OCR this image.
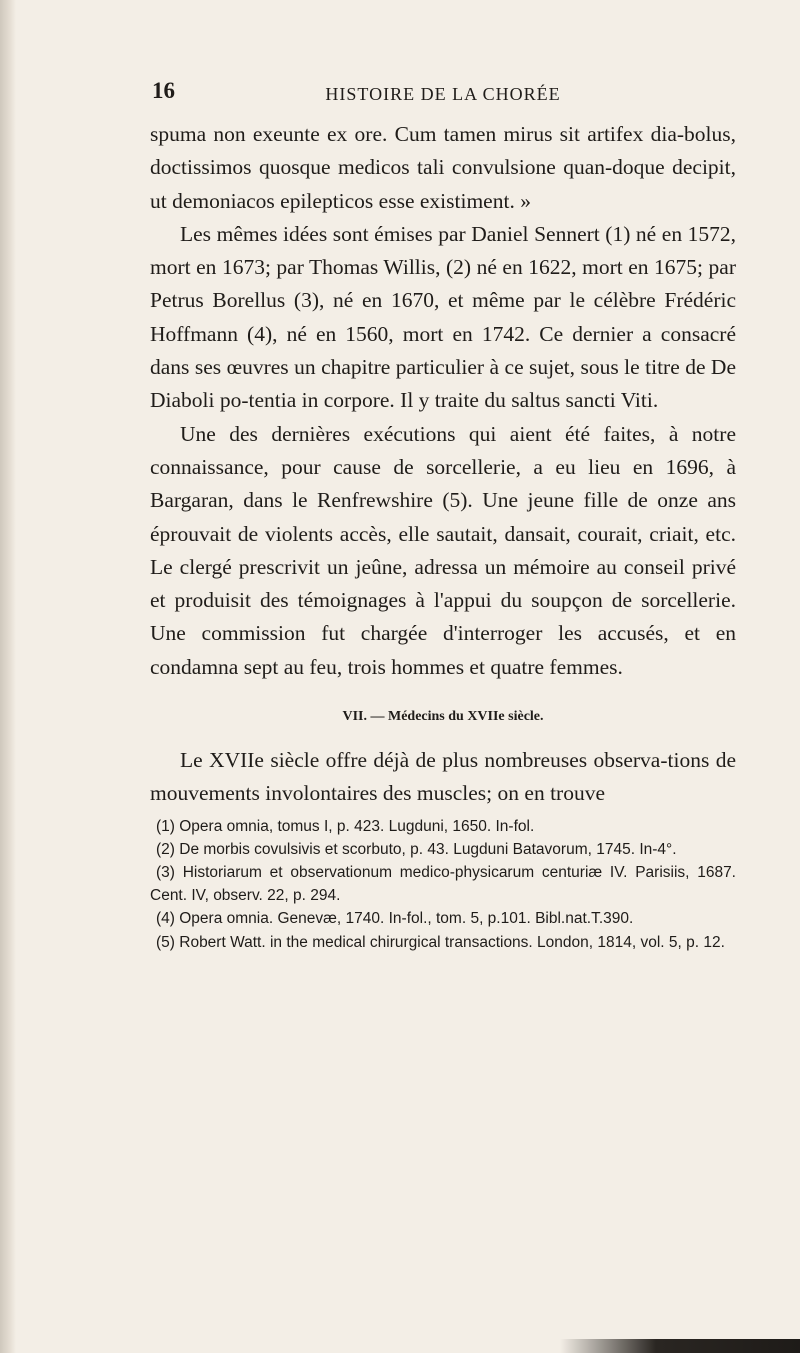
16	HISTOIRE DE LA CHORÉE

spuma non exeunte ex ore. Cum tamen mirus sit artifex dia-bolus, doctissimos quosque medicos tali convulsione quan-doque decipit, ut demoniacos epilepticos esse existiment. »

Les mêmes idées sont émises par Daniel Sennert (1) né en 1572, mort en 1673; par Thomas Willis, (2) né en 1622, mort en 1675; par Petrus Borellus (3), né en 1670, et même par le célèbre Frédéric Hoffmann (4), né en 1560, mort en 1742. Ce dernier a consacré dans ses œuvres un chapitre particulier à ce sujet, sous le titre de De Diaboli po-tentia in corpore. Il y traite du saltus sancti Viti.

Une des dernières exécutions qui aient été faites, à notre connaissance, pour cause de sorcellerie, a eu lieu en 1696, à Bargaran, dans le Renfrewshire (5). Une jeune fille de onze ans éprouvait de violents accès, elle sautait, dansait, courait, criait, etc. Le clergé prescrivit un jeûne, adressa un mémoire au conseil privé et produisit des témoignages à l'appui du soupçon de sorcellerie. Une commission fut chargée d'interroger les accusés, et en condamna sept au feu, trois hommes et quatre femmes.

VII. — Médecins du XVIIe siècle.

Le XVIIe siècle offre déjà de plus nombreuses observa-tions de mouvements involontaires des muscles; on en trouve

(1) Opera omnia, tomus I, p. 423. Lugduni, 1650. In-fol.

(2) De morbis covulsivis et scorbuto, p. 43. Lugduni Batavorum, 1745. In-4°.

(3) Historiarum et observationum medico-physicarum centuriæ IV. Parisiis, 1687. Cent. IV, observ. 22, p. 294.

(4) Opera omnia. Genevæ, 1740. In-fol., tom. 5, p.101. Bibl.nat.T.390.

(5) Robert Watt. in the medical chirurgical transactions. London, 1814, vol. 5, p. 12.
